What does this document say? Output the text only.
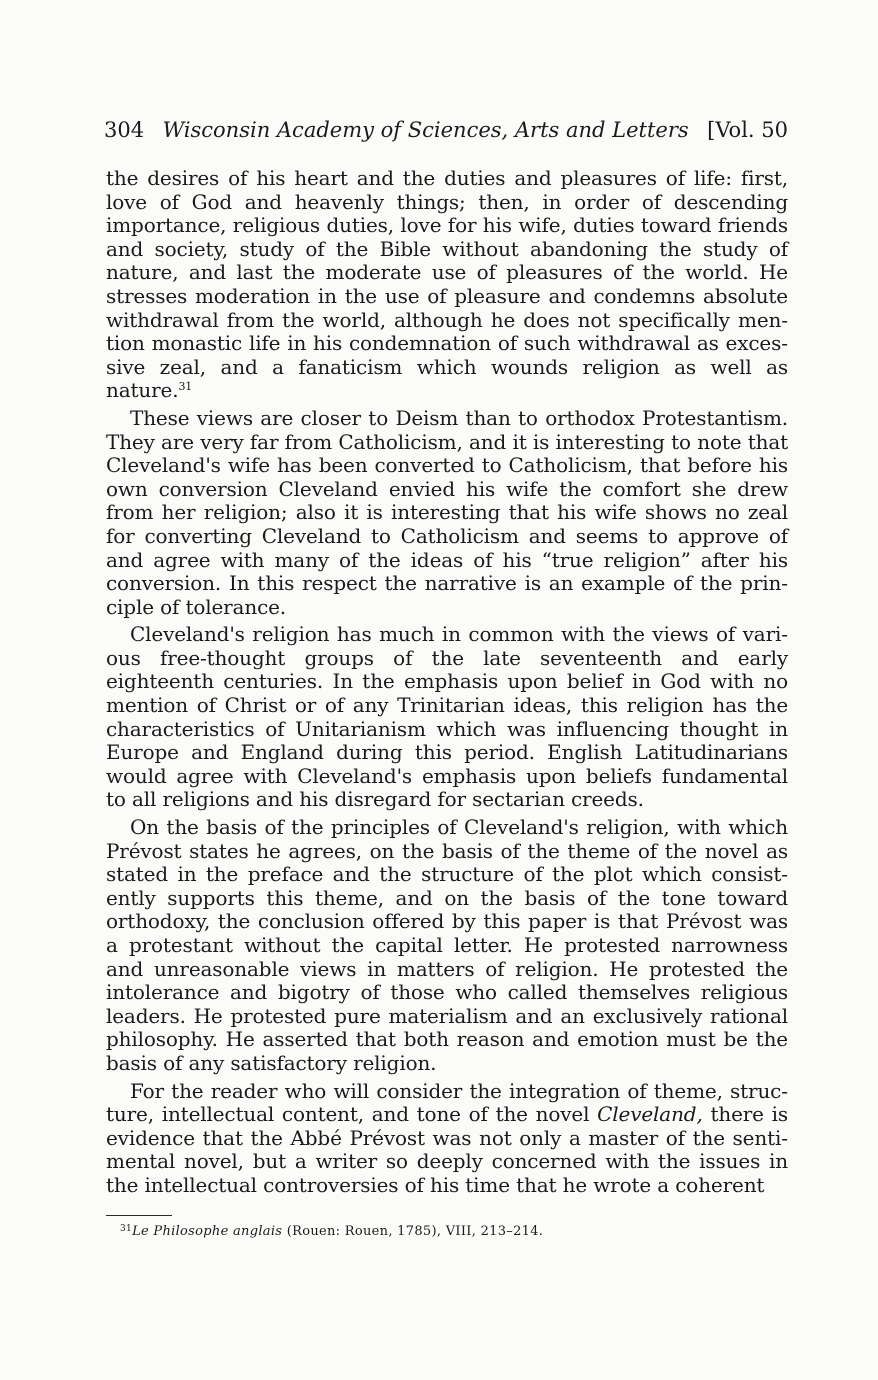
304 Wisconsin Academy of Sciences, Arts and Letters [Vol. 50

the desires of his heart and the duties and pleasures of life: first, love of God and heavenly things; then, in order of descending importance, religious duties, love for his wife, duties toward friends and society, study of the Bible without abandoning the study of nature, and last the moderate use of pleasures of the world. He stresses moderation in the use of pleasure and condemns absolute withdrawal from the world, although he does not specifically mention monastic life in his condemnation of such withdrawal as excessive zeal, and a fanaticism which wounds religion as well as nature.$^{31}$

These views are closer to Deism than to orthodox Protestantism. They are very far from Catholicism, and it is interesting to note that Cleveland's wife has been converted to Catholicism, that before his own conversion Cleveland envied his wife the comfort she drew from her religion; also it is interesting that his wife shows no zeal for converting Cleveland to Catholicism and seems to approve of and agree with many of the ideas of his “true religion” after his conversion. In this respect the narrative is an example of the principle of tolerance.

Cleveland's religion has much in common with the views of various free-thought groups of the late seventeenth and early eighteenth centuries. In the emphasis upon belief in God with no mention of Christ or of any Trinitarian ideas, this religion has the characteristics of Unitarianism which was influencing thought in Europe and England during this period. English Latitudinarians would agree with Cleveland's emphasis upon beliefs fundamental to all religions and his disregard for sectarian creeds.

On the basis of the principles of Cleveland's religion, with which Prévost states he agrees, on the basis of the theme of the novel as stated in the preface and the structure of the plot which consistently supports this theme, and on the basis of the tone toward orthodoxy, the conclusion offered by this paper is that Prévost was a protestant without the capital letter. He protested narrowness and unreasonable views in matters of religion. He protested the intolerance and bigotry of those who called themselves religious leaders. He protested pure materialism and an exclusively rational philosophy. He asserted that both reason and emotion must be the basis of any satisfactory religion.

For the reader who will consider the integration of theme, structure, intellectual content, and tone of the novel Cleveland, there is evidence that the Abbé Prévost was not only a master of the sentimental novel, but a writer so deeply concerned with the issues in the intellectual controversies of his time that he wrote a coherent

$^{31}$Le Philosophe anglais (Rouen: Rouen, 1785), VIII, 213–214.
